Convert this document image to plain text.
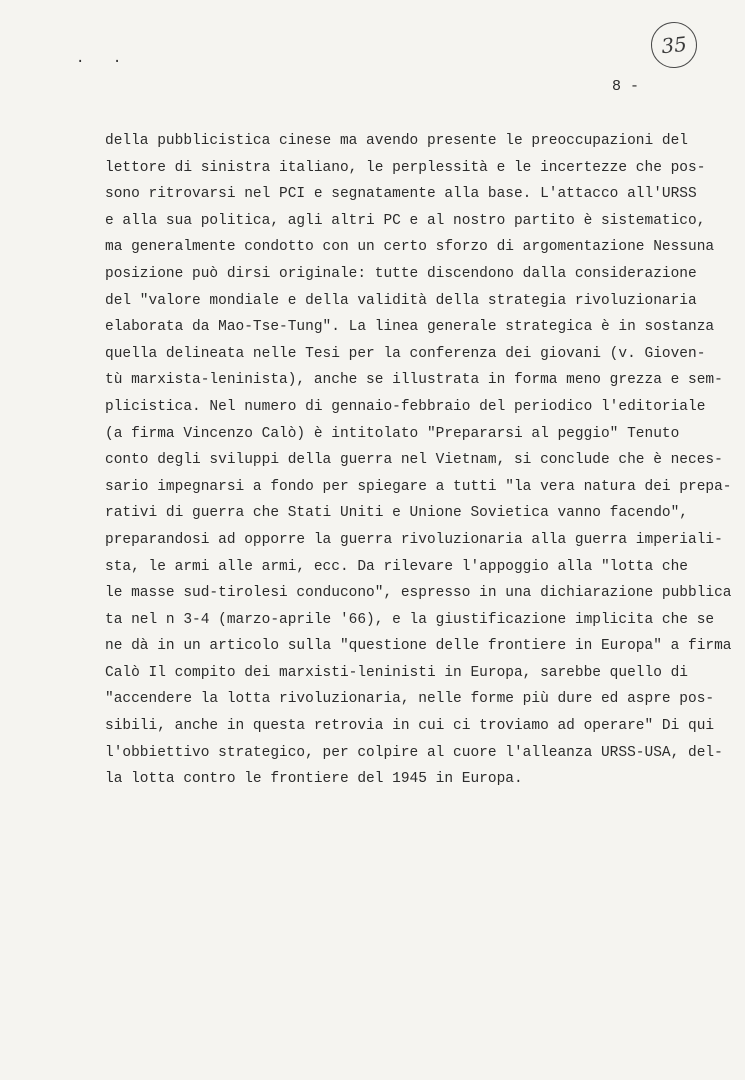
. .	35
8 -
della pubblicistica cinese ma avendo presente le preoccupazioni del
lettore di sinistra italiano, le perplessità e le incertezze che pos-
sono ritrovarsi nel PCI e segnatamente alla base. L'attacco all'URSS
e alla sua politica, agli altri PC e al nostro partito è sistematico,
ma generalmente condotto con un certo sforzo di argomentazione Nessuna
posizione può dirsi originale: tutte discendono dalla considerazione
del "valore mondiale e della validità della strategia rivoluzionaria
elaborata da Mao-Tse-Tung". La linea generale strategica è in sostanza
quella delineata nelle Tesi per la conferenza dei giovani (v. Gioven-
tù marxista-leninista), anche se illustrata in forma meno grezza e sem-
plicistica. Nel numero di gennaio-febbraio del periodico l'editoriale
(a firma Vincenzo Calò) è intitolato "Prepararsi al peggio" Tenuto
conto degli sviluppi della guerra nel Vietnam, si conclude che è neces-
sario impegnarsi a fondo per spiegare a tutti "la vera natura dei prepa-
rativi di guerra che Stati Uniti e Unione Sovietica vanno facendo",
preparandosi ad opporre la guerra rivoluzionaria alla guerra imperiali-
sta, le armi alle armi, ecc. Da rilevare l'appoggio alla "lotta che
le masse sud-tirolesi conducono", espresso in una dichiarazione pubblica
ta nel n 3-4 (marzo-aprile '66), e la giustificazione implicita che se
ne dà in un articolo sulla "questione delle frontiere in Europa" a firma
Calò Il compito dei marxisti-leninisti in Europa, sarebbe quello di
"accendere la lotta rivoluzionaria, nelle forme più dure ed aspre pos-
sibili, anche in questa retrovia in cui ci troviamo ad operare" Di qui
l'obbiettivo strategico, per colpire al cuore l'alleanza URSS-USA, del-
la lotta contro le frontiere del 1945 in Europa.
